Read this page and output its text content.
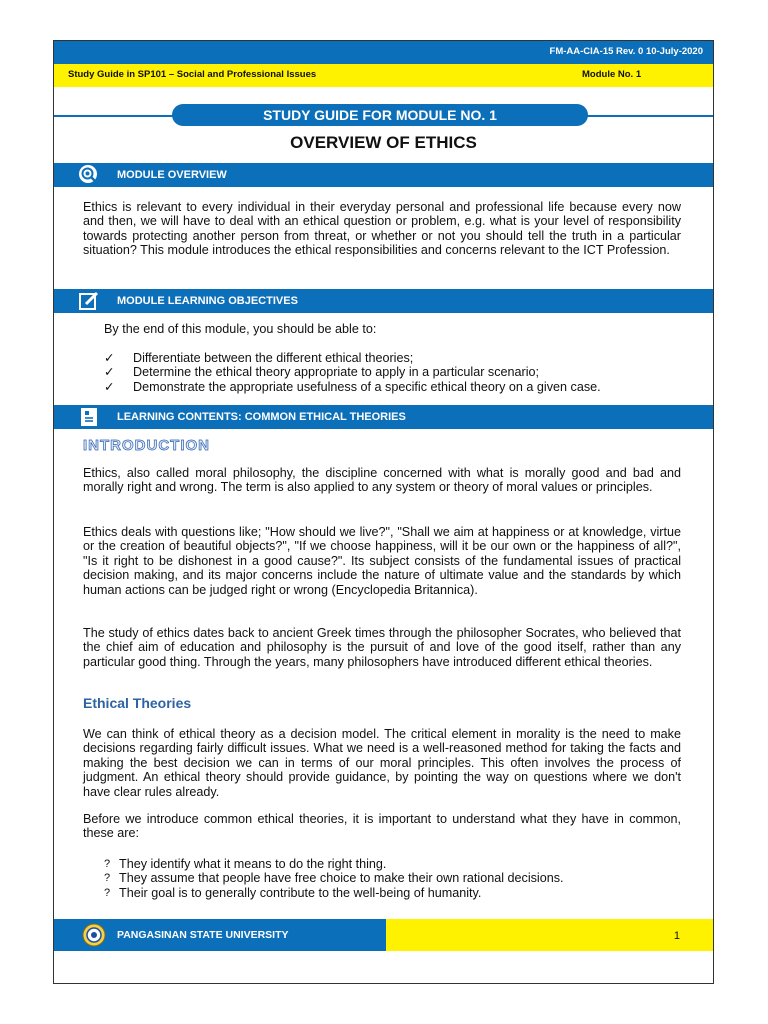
FM-AA-CIA-15 Rev. 0 10-July-2020
Study Guide in SP101 – Social and Professional Issues	Module No. 1
STUDY GUIDE FOR MODULE NO. 1
OVERVIEW OF ETHICS
MODULE OVERVIEW
Ethics is relevant to every individual in their everyday personal and professional life because every now and then, we will have to deal with an ethical question or problem, e.g. what is your level of responsibility towards protecting another person from threat, or whether or not you should tell the truth in a particular situation? This module introduces the ethical responsibilities and concerns relevant to the ICT Profession.
MODULE LEARNING OBJECTIVES
By the end of this module, you should be able to:
✓ Differentiate between the different ethical theories;
✓ Determine the ethical theory appropriate to apply in a particular scenario;
✓ Demonstrate the appropriate usefulness of a specific ethical theory on a given case.
LEARNING CONTENTS: COMMON ETHICAL THEORIES
INTRODUCTION
Ethics, also called moral philosophy, the discipline concerned with what is morally good and bad and morally right and wrong. The term is also applied to any system or theory of moral values or principles.
Ethics deals with questions like; "How should we live?", "Shall we aim at happiness or at knowledge, virtue or the creation of beautiful objects?", "If we choose happiness, will it be our own or the happiness of all?", "Is it right to be dishonest in a good cause?". Its subject consists of the fundamental issues of practical decision making, and its major concerns include the nature of ultimate value and the standards by which human actions can be judged right or wrong (Encyclopedia Britannica).
The study of ethics dates back to ancient Greek times through the philosopher Socrates, who believed that the chief aim of education and philosophy is the pursuit of and love of the good itself, rather than any particular good thing. Through the years, many philosophers have introduced different ethical theories.
Ethical Theories
We can think of ethical theory as a decision model. The critical element in morality is the need to make decisions regarding fairly difficult issues. What we need is a well-reasoned method for taking the facts and making the best decision we can in terms of our moral principles. This often involves the process of judgment. An ethical theory should provide guidance, by pointing the way on questions where we don't have clear rules already.
Before we introduce common ethical theories, it is important to understand what they have in common, these are:
? They identify what it means to do the right thing.
? They assume that people have free choice to make their own rational decisions.
? Their goal is to generally contribute to the well-being of humanity.
PANGASINAN STATE UNIVERSITY	1
